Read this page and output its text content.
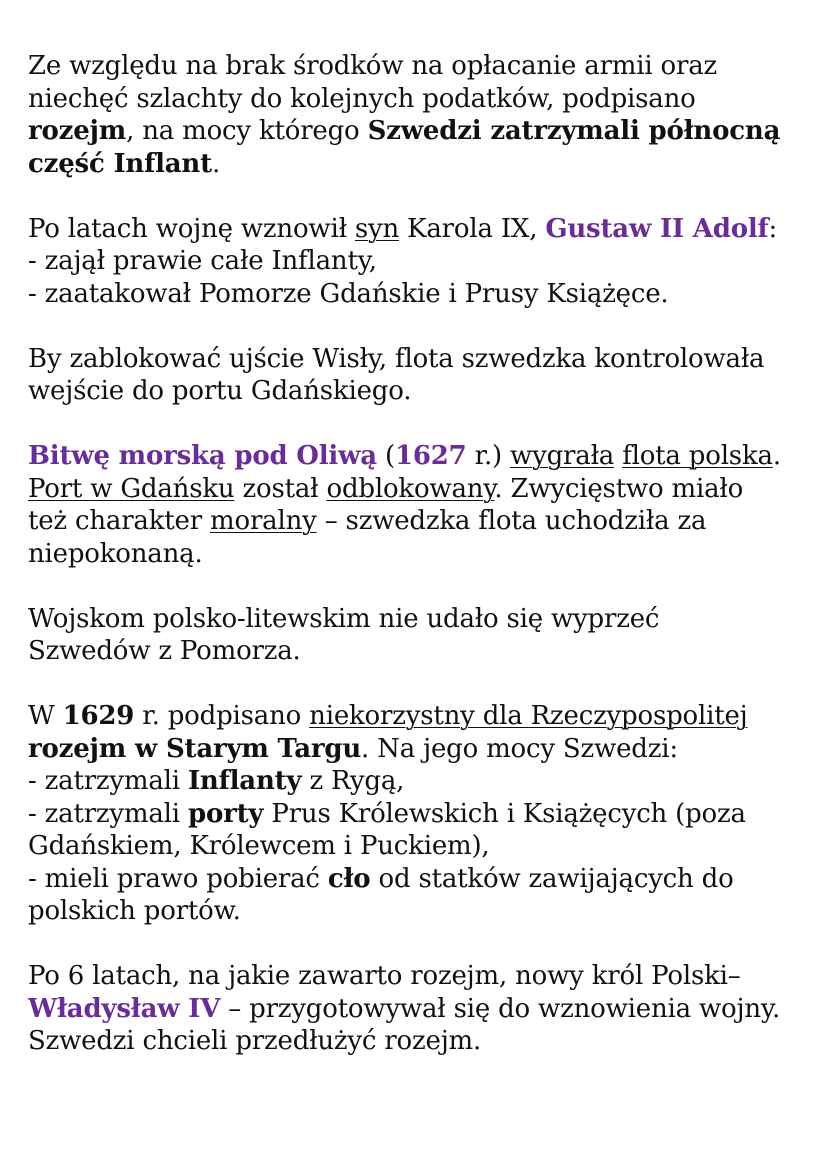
Ze względu na brak środków na opłacanie armii oraz
niechęć szlachty do kolejnych podatków, podpisano
rozejm, na mocy którego Szwedzi zatrzymali północną
część Inflant.
Po latach wojnę wznowił syn Karola IX, Gustaw II Adolf:
- zajął prawie całe Inflanty,
- zaatakował Pomorze Gdańskie i Prusy Książęce.
By zablokować ujście Wisły, flota szwedzka kontrolowała
wejście do portu Gdańskiego.
Bitwę morską pod Oliwą (1627 r.) wygrała flota polska.
Port w Gdańsku został odblokowany. Zwycięstwo miało
też charakter moralny – szwedzka flota uchodziła za
niepokonaną.
Wojskom polsko-litewskim nie udało się wyprzeć
Szwedów z Pomorza.
W 1629 r. podpisano niekorzystny dla Rzeczypospolitej
rozejm w Starym Targu. Na jego mocy Szwedzi:
- zatrzymali Inflanty z Rygą,
- zatrzymali porty Prus Królewskich i Książęcych (poza
Gdańskiem, Królewcem i Puckiem),
- mieli prawo pobierać cło od statków zawijających do
polskich portów.
Po 6 latach, na jakie zawarto rozejm, nowy król Polski–
Władysław IV – przygotowywał się do wznowienia wojny.
Szwedzi chcieli przedłużyć rozejm.
